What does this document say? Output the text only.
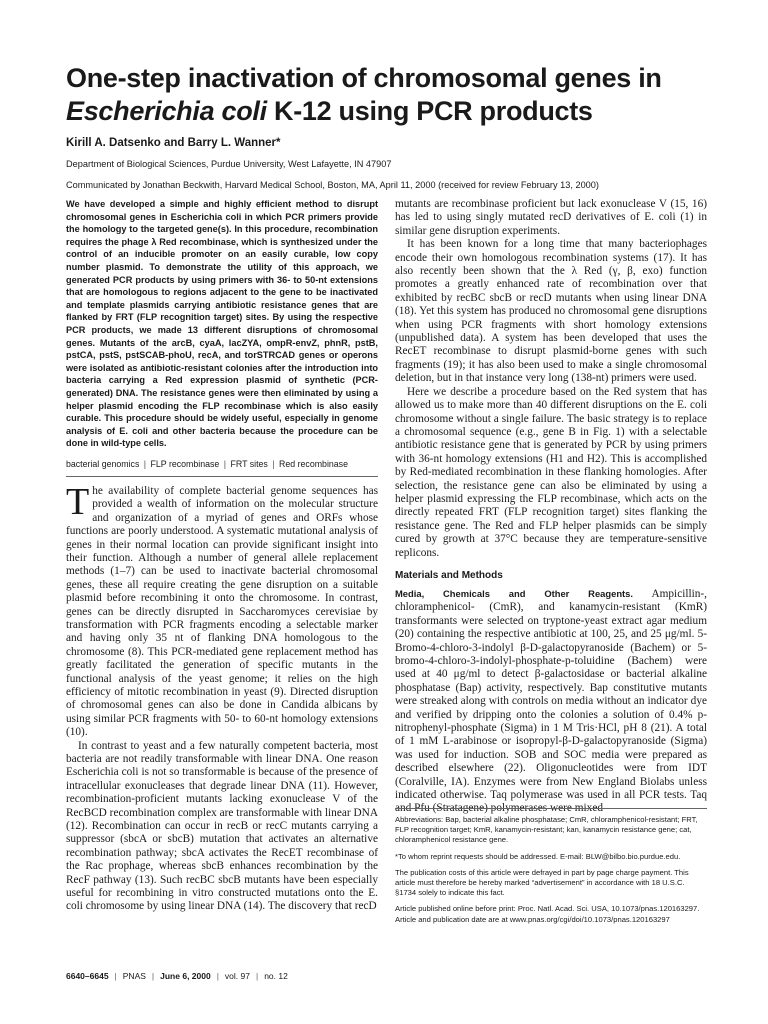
One-step inactivation of chromosomal genes in
Escherichia coli K-12 using PCR products
Kirill A. Datsenko and Barry L. Wanner*
Department of Biological Sciences, Purdue University, West Lafayette, IN 47907
Communicated by Jonathan Beckwith, Harvard Medical School, Boston, MA, April 11, 2000 (received for review February 13, 2000)

We have developed a simple and highly efficient method to disrupt chromosomal genes in Escherichia coli in which PCR primers provide the homology to the targeted gene(s). In this procedure, recombination requires the phage λ Red recombinase, which is synthesized under the control of an inducible promoter on an easily curable, low copy number plasmid. To demonstrate the utility of this approach, we generated PCR products by using primers with 36- to 50-nt extensions that are homologous to regions adjacent to the gene to be inactivated and template plasmids carrying antibiotic resistance genes that are flanked by FRT (FLP recognition target) sites. By using the respective PCR products, we made 13 different disruptions of chromosomal genes. Mutants of the arcB, cyaA, lacZYA, ompR-envZ, phnR, pstB, pstCA, pstS, pstSCAB-phoU, recA, and torSTRCAD genes or operons were isolated as antibiotic-resistant colonies after the introduction into bacteria carrying a Red expression plasmid of synthetic (PCR-generated) DNA. The resistance genes were then eliminated by using a helper plasmid encoding the FLP recombinase which is also easily curable. This procedure should be widely useful, especially in genome analysis of E. coli and other bacteria because the procedure can be done in wild-type cells.

bacterial genomics | FLP recombinase | FRT sites | Red recombinase

The availability of complete bacterial genome sequences has provided a wealth of information on the molecular structure and organization of a myriad of genes and ORFs whose functions are poorly understood. A systematic mutational analysis of genes in their normal location can provide significant insight into their function. Although a number of general allele replacement methods (1–7) can be used to inactivate bacterial chromosomal genes, these all require creating the gene disruption on a suitable plasmid before recombining it onto the chromosome. In contrast, genes can be directly disrupted in Saccharomyces cerevisiae by transformation with PCR fragments encoding a selectable marker and having only 35 nt of flanking DNA homologous to the chromosome (8). This PCR-mediated gene replacement method has greatly facilitated the generation of specific mutants in the functional analysis of the yeast genome; it relies on the high efficiency of mitotic recombination in yeast (9). Directed disruption of chromosomal genes can also be done in Candida albicans by using similar PCR fragments with 50- to 60-nt homology extensions (10).

In contrast to yeast and a few naturally competent bacteria, most bacteria are not readily transformable with linear DNA. One reason Escherichia coli is not so transformable is because of the presence of intracellular exonucleases that degrade linear DNA (11). However, recombination-proficient mutants lacking exonuclease V of the RecBCD recombination complex are transformable with linear DNA (12). Recombination can occur in recB or recC mutants carrying a suppressor (sbcA or sbcB) mutation that activates an alternative recombination pathway; sbcA activates the RecET recombinase of the Rac prophage, whereas sbcB enhances recombination by the RecF pathway (13). Such recBC sbcB mutants have been especially useful for recombining in vitro constructed mutations onto the E. coli chromosome by using linear DNA (14). The discovery that recD

mutants are recombinase proficient but lack exonuclease V (15, 16) has led to using singly mutated recD derivatives of E. coli (1) in similar gene disruption experiments.

It has been known for a long time that many bacteriophages encode their own homologous recombination systems (17). It has also recently been shown that the λ Red (γ, β, exo) function promotes a greatly enhanced rate of recombination over that exhibited by recBC sbcB or recD mutants when using linear DNA (18). Yet this system has produced no chromosomal gene disruptions when using PCR fragments with short homology extensions (unpublished data). A system has been developed that uses the RecET recombinase to disrupt plasmid-borne genes with such fragments (19); it has also been used to make a single chromosomal deletion, but in that instance very long (138-nt) primers were used.

Here we describe a procedure based on the Red system that has allowed us to make more than 40 different disruptions on the E. coli chromosome without a single failure. The basic strategy is to replace a chromosomal sequence (e.g., gene B in Fig. 1) with a selectable antibiotic resistance gene that is generated by PCR by using primers with 36-nt homology extensions (H1 and H2). This is accomplished by Red-mediated recombination in these flanking homologies. After selection, the resistance gene can also be eliminated by using a helper plasmid expressing the FLP recombinase, which acts on the directly repeated FRT (FLP recognition target) sites flanking the resistance gene. The Red and FLP helper plasmids can be simply cured by growth at 37°C because they are temperature-sensitive replicons.

Materials and Methods

Media, Chemicals and Other Reagents. Ampicillin-, chloramphenicol- (CmR), and kanamycin-resistant (KmR) transformants were selected on tryptone-yeast extract agar medium (20) containing the respective antibiotic at 100, 25, and 25 μg/ml. 5-Bromo-4-chloro-3-indolyl β-D-galactopyranoside (Bachem) or 5-bromo-4-chloro-3-indolyl-phosphate-p-toluidine (Bachem) were used at 40 μg/ml to detect β-galactosidase or bacterial alkaline phosphatase (Bap) activity, respectively. Bap constitutive mutants were streaked along with controls on media without an indicator dye and verified by dripping onto the colonies a solution of 0.4% p-nitrophenyl-phosphate (Sigma) in 1 M Tris·HCl, pH 8 (21). A total of 1 mM L-arabinose or isopropyl-β-D-galactopyranoside (Sigma) was used for induction. SOB and SOC media were prepared as described elsewhere (22). Oligonucleotides were from IDT (Coralville, IA). Enzymes were from New England Biolabs unless indicated otherwise. Taq polymerase was used in all PCR tests. Taq and Pfu (Stratagene) polymerases were mixed

Abbreviations: Bap, bacterial alkaline phosphatase; CmR, chloramphenicol-resistant; FRT, FLP recognition target; KmR, kanamycin-resistant; kan, kanamycin resistance gene; cat, chloramphenicol resistance gene.

*To whom reprint requests should be addressed. E-mail: BLW@bilbo.bio.purdue.edu.

The publication costs of this article were defrayed in part by page charge payment. This article must therefore be hereby marked “advertisement” in accordance with 18 U.S.C. §1734 solely to indicate this fact.

Article published online before print: Proc. Natl. Acad. Sci. USA, 10.1073/pnas.120163297. Article and publication date are at www.pnas.org/cgi/doi/10.1073/pnas.120163297

6640–6645 | PNAS | June 6, 2000 | vol. 97 | no. 12
